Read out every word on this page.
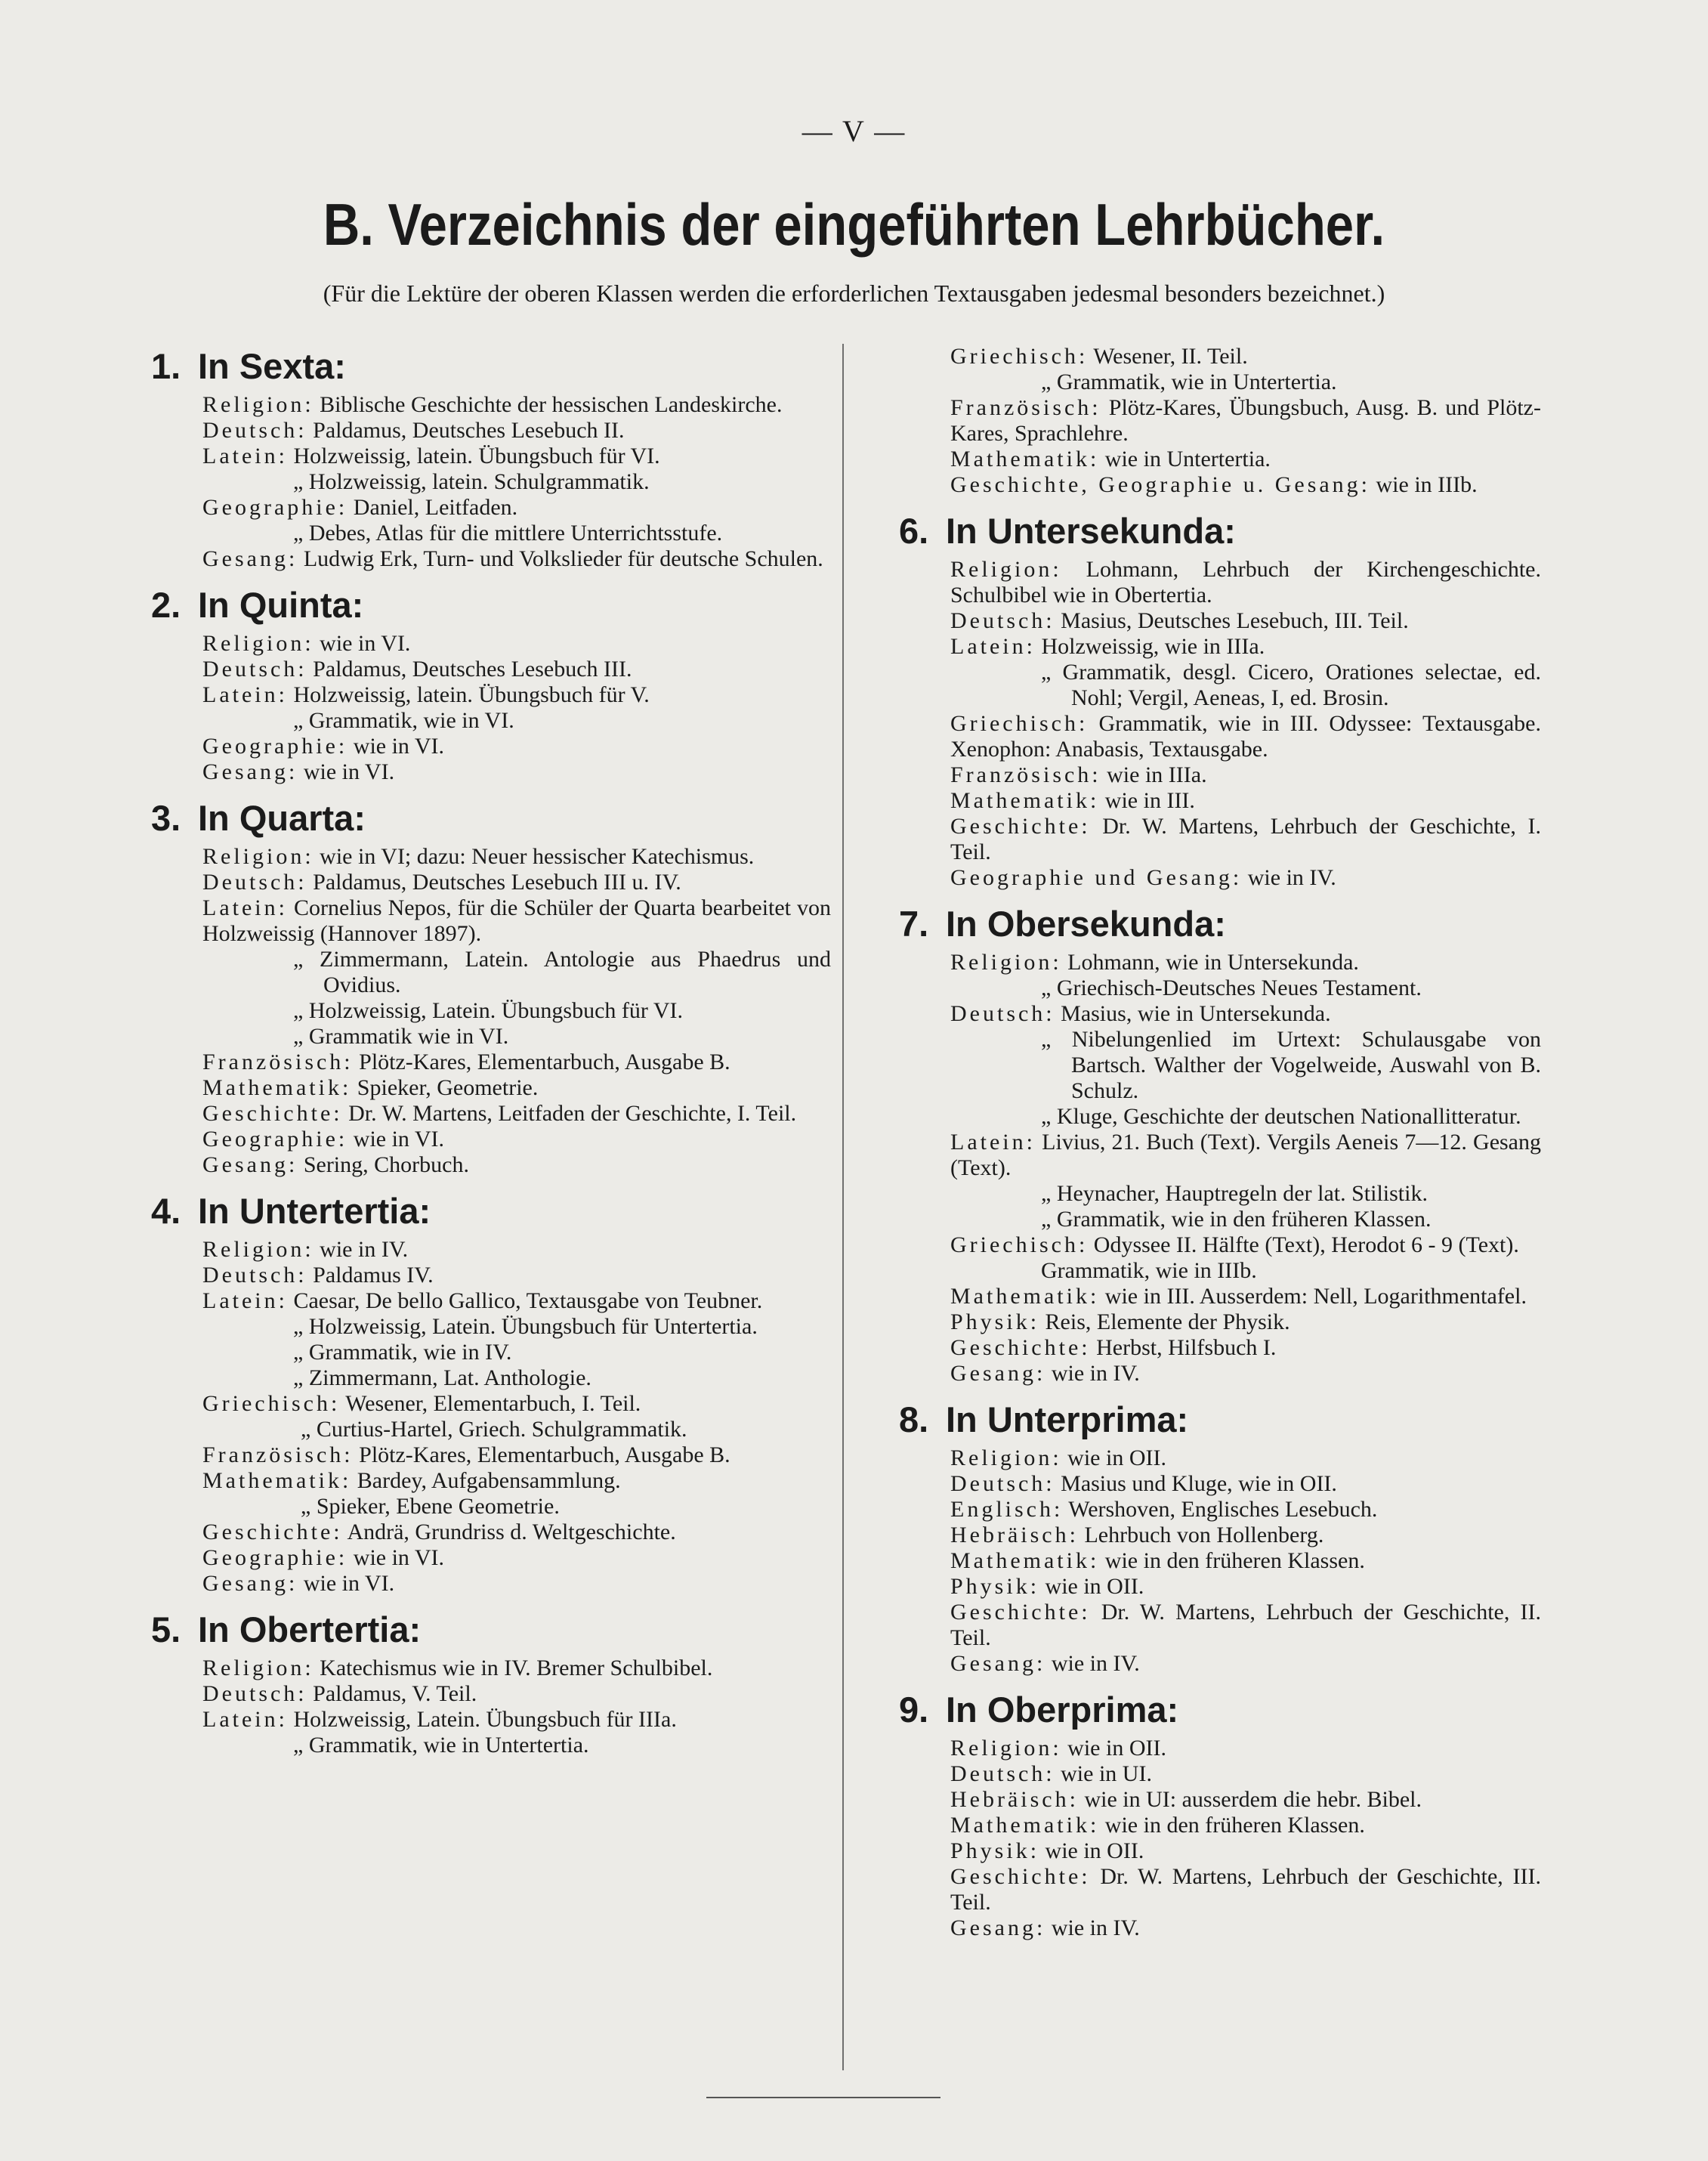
— V —
B. Verzeichnis der eingeführten Lehrbücher.
(Für die Lektüre der oberen Klassen werden die erforderlichen Textausgaben jedesmal besonders bezeichnet.)
1. In Sexta:
Religion: Biblische Geschichte der hessischen Landeskirche.
Deutsch: Paldamus, Deutsches Lesebuch II.
Latein: Holzweissig, latein. Übungsbuch für VI.
„ Holzweissig, latein. Schulgrammatik.
Geographie: Daniel, Leitfaden.
„ Debes, Atlas für die mittlere Unterrichtsstufe.
Gesang: Ludwig Erk, Turn- und Volkslieder für deutsche Schulen.
2. In Quinta:
Religion: wie in VI.
Deutsch: Paldamus, Deutsches Lesebuch III.
Latein: Holzweissig, latein. Übungsbuch für V.
„ Grammatik, wie in VI.
Geographie: wie in VI.
Gesang: wie in VI.
3. In Quarta:
Religion: wie in VI; dazu: Neuer hessischer Katechismus.
Deutsch: Paldamus, Deutsches Lesebuch III u. IV.
Latein: Cornelius Nepos, für die Schüler der Quarta bearbeitet von Holzweissig (Hannover 1897).
„ Zimmermann, Latein. Antologie aus Phaedrus und Ovidius.
„ Holzweissig, Latein. Übungsbuch für VI.
„ Grammatik wie in VI.
Französisch: Plötz-Kares, Elementarbuch, Ausgabe B.
Mathematik: Spieker, Geometrie.
Geschichte: Dr. W. Martens, Leitfaden der Geschichte, I. Teil.
Geographie: wie in VI.
Gesang: Sering, Chorbuch.
4. In Untertertia:
Religion: wie in IV.
Deutsch: Paldamus IV.
Latein: Caesar, De bello Gallico, Textausgabe von Teubner.
„ Holzweissig, Latein. Übungsbuch für Untertertia.
„ Grammatik, wie in IV.
„ Zimmermann, Lat. Anthologie.
Griechisch: Wesener, Elementarbuch, I. Teil.
„ Curtius-Hartel, Griech. Schulgrammatik.
Französisch: Plötz-Kares, Elementarbuch, Ausgabe B.
Mathematik: Bardey, Aufgabensammlung.
„ Spieker, Ebene Geometrie.
Geschichte: Andrä, Grundriss d. Weltgeschichte.
Geographie: wie in VI.
Gesang: wie in VI.
5. In Obertertia:
Religion: Katechismus wie in IV. Bremer Schulbibel.
Deutsch: Paldamus, V. Teil.
Latein: Holzweissig, Latein. Übungsbuch für IIIa.
„ Grammatik, wie in Untertertia.
Griechisch: Wesener, II. Teil.
„ Grammatik, wie in Untertertia.
Französisch: Plötz-Kares, Übungsbuch, Ausg. B. und Plötz-Kares, Sprachlehre.
Mathematik: wie in Untertertia.
Geschichte, Geographie u. Gesang: wie in IIIb.
6. In Untersekunda:
Religion: Lohmann, Lehrbuch der Kirchengeschichte. Schulbibel wie in Obertertia.
Deutsch: Masius, Deutsches Lesebuch, III. Teil.
Latein: Holzweissig, wie in IIIa.
„ Grammatik, desgl. Cicero, Orationes selectae, ed. Nohl; Vergil, Aeneas, I, ed. Brosin.
Griechisch: Grammatik, wie in III. Odyssee: Textausgabe. Xenophon: Anabasis, Textausgabe.
Französisch: wie in IIIa.
Mathematik: wie in III.
Geschichte: Dr. W. Martens, Lehrbuch der Geschichte, I. Teil.
Geographie und Gesang: wie in IV.
7. In Obersekunda:
Religion: Lohmann, wie in Untersekunda.
„ Griechisch-Deutsches Neues Testament.
Deutsch: Masius, wie in Untersekunda.
„ Nibelungenlied im Urtext: Schulausgabe von Bartsch. Walther der Vogelweide, Auswahl von B. Schulz.
„ Kluge, Geschichte der deutschen Nationallitteratur.
Latein: Livius, 21. Buch (Text). Vergils Aeneis 7—12. Gesang (Text).
„ Heynacher, Hauptregeln der lat. Stilistik.
„ Grammatik, wie in den früheren Klassen.
Griechisch: Odyssee II. Hälfte (Text), Herodot 6 - 9 (Text).
Grammatik, wie in IIIb.
Mathematik: wie in III. Ausserdem: Nell, Logarithmentafel.
Physik: Reis, Elemente der Physik.
Geschichte: Herbst, Hilfsbuch I.
Gesang: wie in IV.
8. In Unterprima:
Religion: wie in OII.
Deutsch: Masius und Kluge, wie in OII.
Englisch: Wershoven, Englisches Lesebuch.
Hebräisch: Lehrbuch von Hollenberg.
Mathematik: wie in den früheren Klassen.
Physik: wie in OII.
Geschichte: Dr. W. Martens, Lehrbuch der Geschichte, II. Teil.
Gesang: wie in IV.
9. In Oberprima:
Religion: wie in OII.
Deutsch: wie in UI.
Hebräisch: wie in UI: ausserdem die hebr. Bibel.
Mathematik: wie in den früheren Klassen.
Physik: wie in OII.
Geschichte: Dr. W. Martens, Lehrbuch der Geschichte, III. Teil.
Gesang: wie in IV.
